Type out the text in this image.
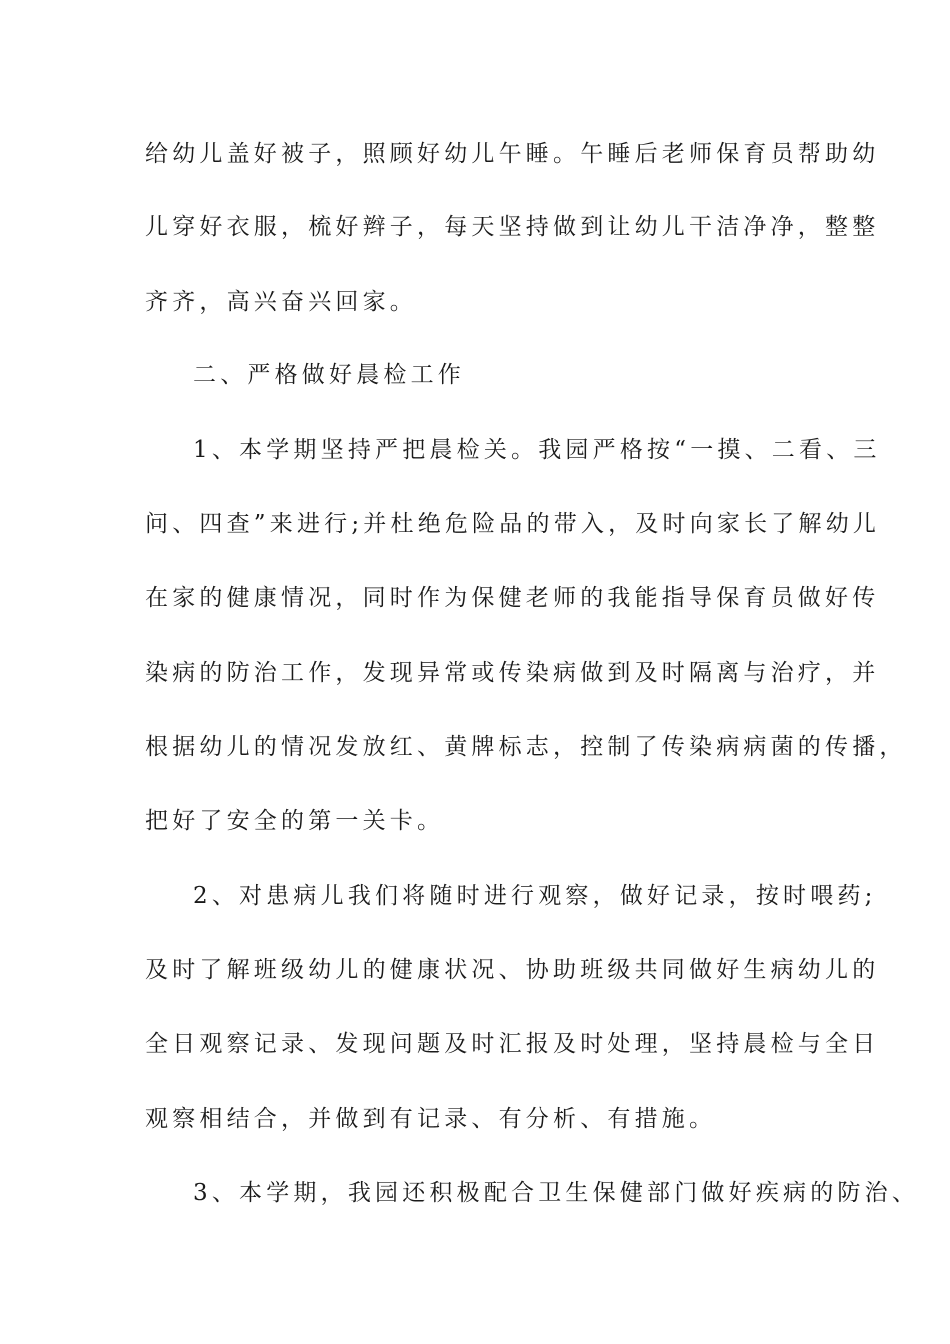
给幼儿盖好被子，照顾好幼儿午睡。午睡后老师保育员帮助幼
儿穿好衣服，梳好辫子，每天坚持做到让幼儿干洁净净，整整
齐齐，高兴奋兴回家。
二、严格做好晨检工作
1、本学期坚持严把晨检关。我园严格按“一摸、二看、三
问、四查”来进行;并杜绝危险品的带入，及时向家长了解幼儿
在家的健康情况，同时作为保健老师的我能指导保育员做好传
染病的防治工作，发现异常或传染病做到及时隔离与治疗，并
根据幼儿的情况发放红、黄牌标志，控制了传染病病菌的传播，
把好了安全的第一关卡。
2、对患病儿我们将随时进行观察，做好记录，按时喂药;
及时了解班级幼儿的健康状况、协助班级共同做好生病幼儿的
全日观察记录、发现问题及时汇报及时处理，坚持晨检与全日
观察相结合，并做到有记录、有分析、有措施。
3、本学期，我园还积极配合卫生保健部门做好疾病的防治、
